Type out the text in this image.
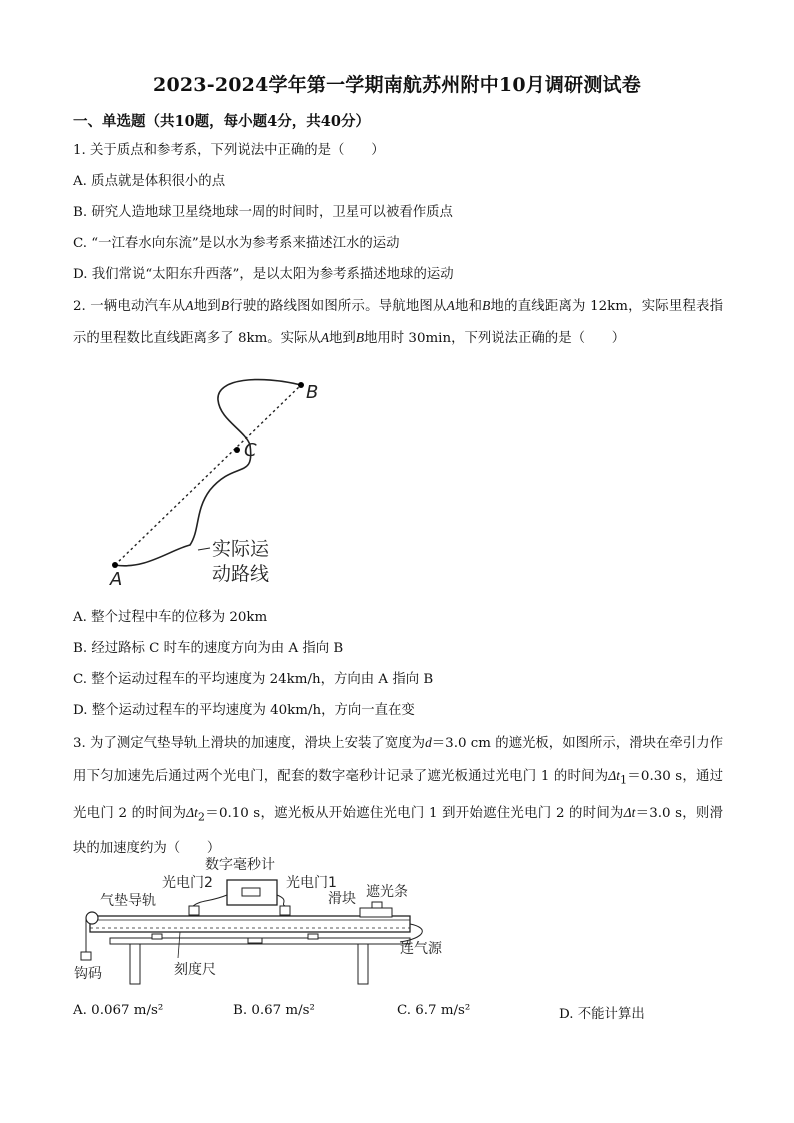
2023-2024学年第一学期南航苏州附中10月调研测试卷
一、单选题（共10题，每小题4分，共40分）
1. 关于质点和参考系，下列说法中正确的是（　　）
A. 质点就是体积很小的点
B. 研究人造地球卫星绕地球一周的时间时，卫星可以被看作质点
C. “一江春水向东流”是以水为参考系来描述江水的运动
D. 我们常说“太阳东升西落”，是以太阳为参考系描述地球的运动
2. 一辆电动汽车从A地到B行驶的路线图如图所示。导航地图从A地和B地的直线距离为 12km，实际里程表指示的里程数比直线距离多了 8km。实际从A地到B地用时 30min，下列说法正确的是（　　）
A
B
C
实际运
动路线
A. 整个过程中车的位移为 20km
B. 经过路标 C 时车的速度方向为由 A 指向 B
C. 整个运动过程车的平均速度为 24km/h，方向由 A 指向 B
D. 整个运动过程车的平均速度为 40km/h，方向一直在变
3. 为了测定气垫导轨上滑块的加速度，滑块上安装了宽度为d＝3.0 cm 的遮光板，如图所示，滑块在牵引力作用下匀加速先后通过两个光电门，配套的数字毫秒计记录了遮光板通过光电门 1 的时间为$\Delta t_1=0.30$ s，通过光电门 2 的时间为$\Delta t_2=0.10$ s，遮光板从开始遮住光电门 1 到开始遮住光电门 2 的时间为Δt＝3.0 s，则滑块的加速度约为（　　）
数字毫秒计
光电门2	光电门1
气垫导轨	滑块 遮光条
钩码	刻度尺
连气源
A. 0.067 m/s²	B. 0.67 m/s²	C. 6.7 m/s²	D. 不能计算出
